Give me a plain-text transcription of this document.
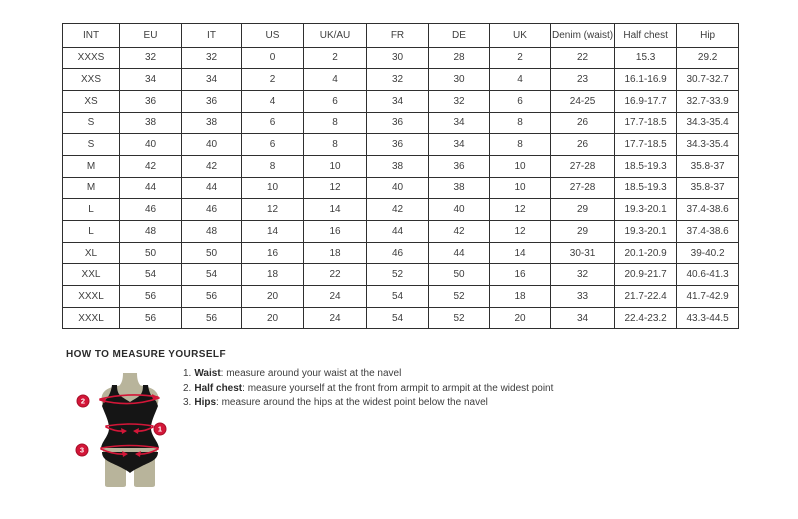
INT	EU	IT	US	UK/AU	FR	DE	UK	Denim (waist)	Half chest	Hip
XXXS	32	32	0	2	30	28	2	22	15.3	29.2
XXS	34	34	2	4	32	30	4	23	16.1-16.9	30.7-32.7
XS	36	36	4	6	34	32	6	24-25	16.9-17.7	32.7-33.9
S	38	38	6	8	36	34	8	26	17.7-18.5	34.3-35.4
S	40	40	6	8	36	34	8	26	17.7-18.5	34.3-35.4
M	42	42	8	10	38	36	10	27-28	18.5-19.3	35.8-37
M	44	44	10	12	40	38	10	27-28	18.5-19.3	35.8-37
L	46	46	12	14	42	40	12	29	19.3-20.1	37.4-38.6
L	48	48	14	16	44	42	12	29	19.3-20.1	37.4-38.6
XL	50	50	16	18	46	44	14	30-31	20.1-20.9	39-40.2
XXL	54	54	18	22	52	50	16	32	20.9-21.7	40.6-41.3
XXXL	56	56	20	24	54	52	18	33	21.7-22.4	41.7-42.9
XXXL	56	56	20	24	54	52	20	34	22.4-23.2	43.3-44.5
HOW TO MEASURE YOURSELF
2
1
3
1. Waist: measure around your waist at the navel
2. Half chest: measure yourself at the front from armpit to armpit at the widest point
3. Hips: measure around the hips at the widest point below the navel
